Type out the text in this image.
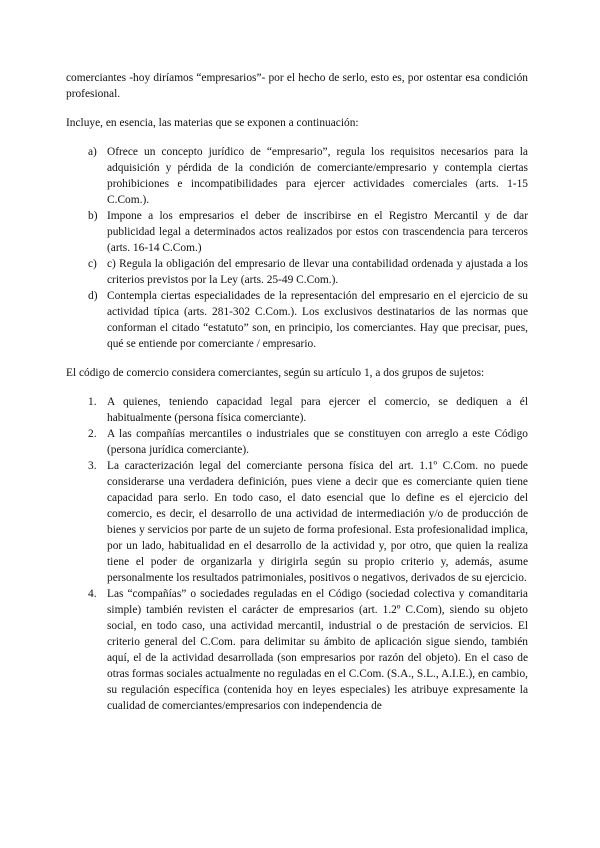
comerciantes -hoy diríamos “empresarios”- por el hecho de serlo, esto es, por ostentar esa condición profesional.

Incluye, en esencia, las materias que se exponen a continuación:

a) Ofrece un concepto jurídico de “empresario”, regula los requisitos necesarios para la adquisición y pérdida de la condición de comerciante/empresario y contempla ciertas prohibiciones e incompatibilidades para ejercer actividades comerciales (arts. 1-15 C.Com.).
b) Impone a los empresarios el deber de inscribirse en el Registro Mercantil y de dar publicidad legal a determinados actos realizados por estos con trascendencia para terceros (arts. 16-14 C.Com.)
c) c) Regula la obligación del empresario de llevar una contabilidad ordenada y ajustada a los criterios previstos por la Ley (arts. 25-49 C.Com.).
d) Contempla ciertas especialidades de la representación del empresario en el ejercicio de su actividad típica (arts. 281-302 C.Com.). Los exclusivos destinatarios de las normas que conforman el citado “estatuto” son, en principio, los comerciantes. Hay que precisar, pues, qué se entiende por comerciante / empresario.

El código de comercio considera comerciantes, según su artículo 1, a dos grupos de sujetos:

1. A quienes, teniendo capacidad legal para ejercer el comercio, se dediquen a él habitualmente (persona física comerciante).
2. A las compañías mercantiles o industriales que se constituyen con arreglo a este Código (persona jurídica comerciante).
3. La caracterización legal del comerciante persona física del art. 1.1º C.Com. no puede considerarse una verdadera definición, pues viene a decir que es comerciante quien tiene capacidad para serlo. En todo caso, el dato esencial que lo define es el ejercicio del comercio, es decir, el desarrollo de una actividad de intermediación y/o de producción de bienes y servicios por parte de un sujeto de forma profesional. Esta profesionalidad implica, por un lado, habitualidad en el desarrollo de la actividad y, por otro, que quien la realiza tiene el poder de organizarla y dirigirla según su propio criterio y, además, asume personalmente los resultados patrimoniales, positivos o negativos, derivados de su ejercicio.
4. Las “compañías” o sociedades reguladas en el Código (sociedad colectiva y comanditaria simple) también revisten el carácter de empresarios (art. 1.2º C.Com), siendo su objeto social, en todo caso, una actividad mercantil, industrial o de prestación de servicios. El criterio general del C.Com. para delimitar su ámbito de aplicación sigue siendo, también aquí, el de la actividad desarrollada (son empresarios por razón del objeto). En el caso de otras formas sociales actualmente no reguladas en el C.Com. (S.A., S.L., A.I.E.), en cambio, su regulación específica (contenida hoy en leyes especiales) les atribuye expresamente la cualidad de comerciantes/empresarios con independencia de
